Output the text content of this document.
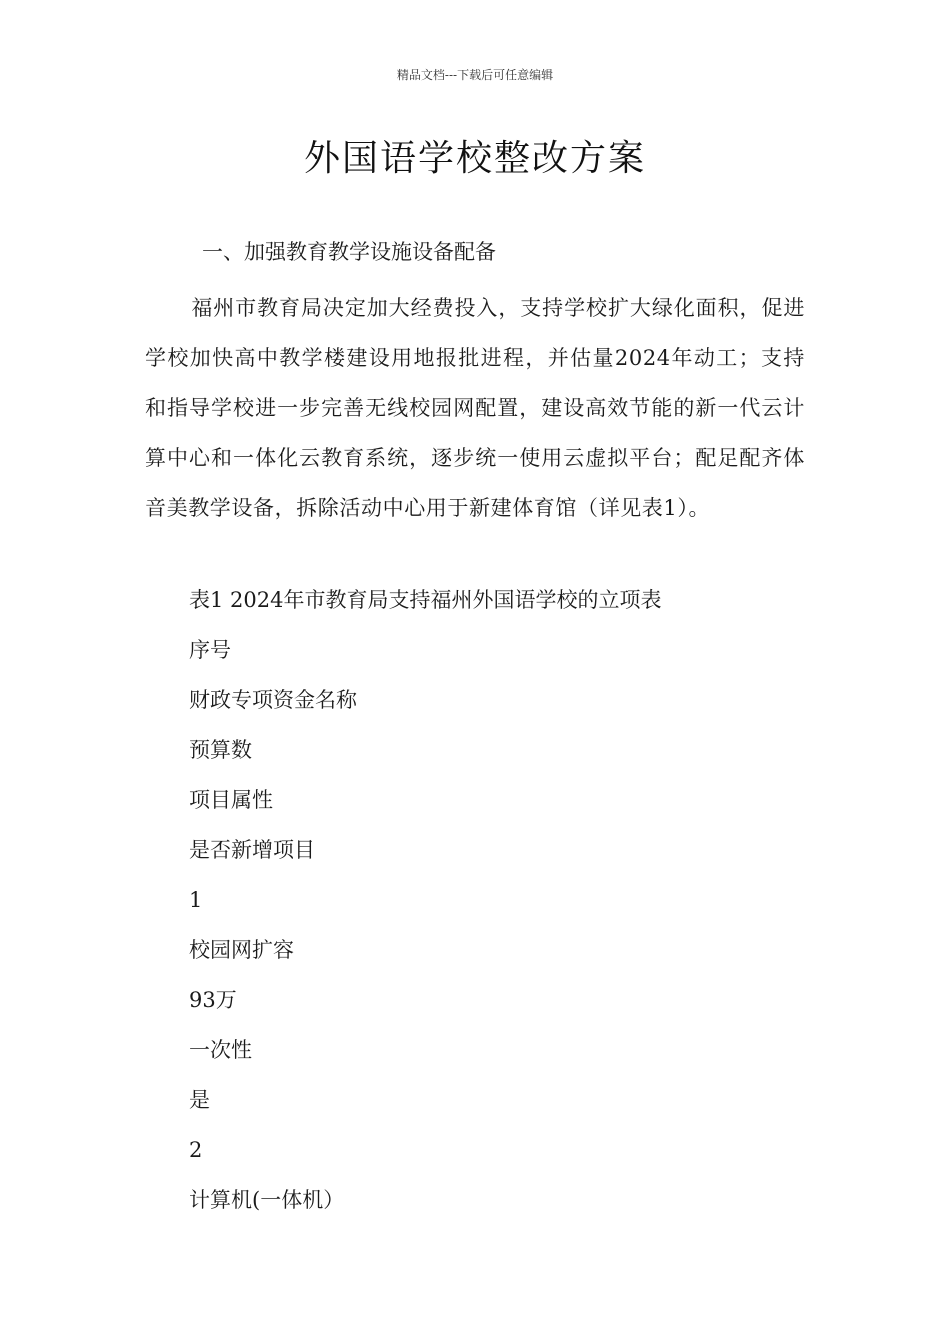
精品文档---下载后可任意编辑
外国语学校整改方案
一、加强教育教学设施设备配备
福州市教育局决定加大经费投入，支持学校扩大绿化面积，促进学校加快高中教学楼建设用地报批进程，并估量2024年动工；支持和指导学校进一步完善无线校园网配置，建设高效节能的新一代云计算中心和一体化云教育系统，逐步统一使用云虚拟平台；配足配齐体音美教学设备，拆除活动中心用于新建体育馆（详见表1）。
表1 2024年市教育局支持福州外国语学校的立项表
序号
财政专项资金名称
预算数
项目属性
是否新增项目
1
校园网扩容
93万
一次性
是
2
计算机(一体机）
